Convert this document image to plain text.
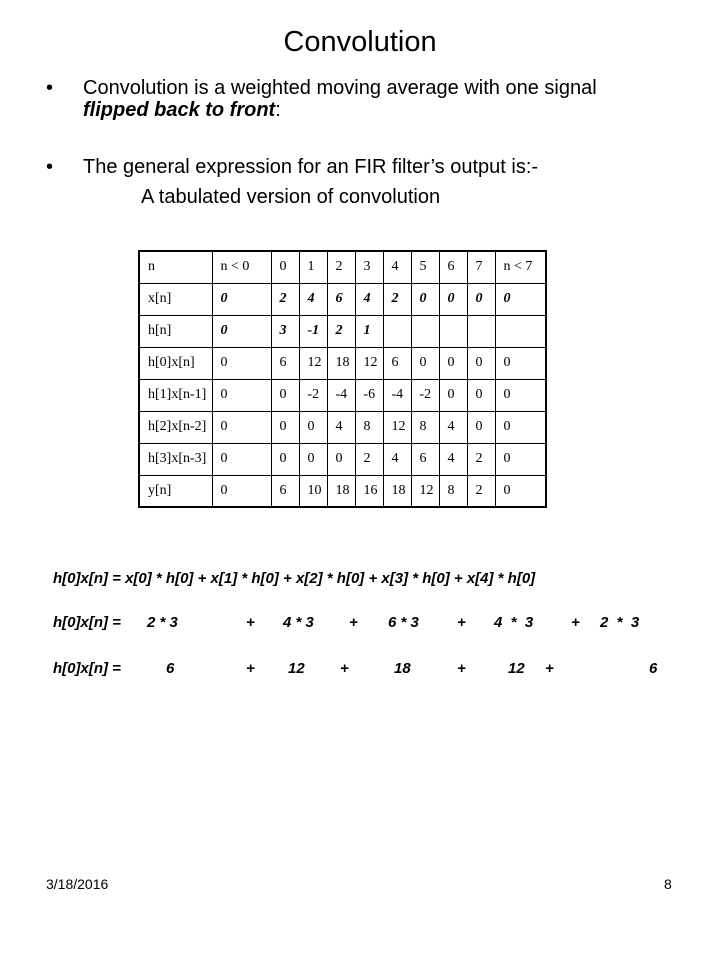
Convolution
•	Convolution is a weighted moving average with one signal flipped back to front:
•	The general expression for an FIR filter’s output is:-
A tabulated version of convolution
n	n < 0	0	1	2	3	4	5	6	7	n < 7
x[n]	0	2	4	6	4	2	0	0	0	0
h[n]	0	3	-1	2	1					
h[0]x[n]	0	6	12	18	12	6	0	0	0	0
h[1]x[n-1]	0	0	-2	-4	-6	-4	-2	0	0	0
h[2]x[n-2]	0	0	0	4	8	12	8	4	0	0
h[3]x[n-3]	0	0	0	0	2	4	6	4	2	0
y[n]	0	6	10	18	16	18	12	8	2	0
h[0]x[n] = x[0] * h[0] + x[1] * h[0] + x[2] * h[0] + x[3] * h[0] + x[4] * h[0]
h[0]x[n] = 2 * 3	+ 4 * 3 + 6 * 3	+ 4  *  3	+ 2  *  3
h[0]x[n] =	6	+ 12 +	18	+	12 +	6
3/18/2016	8
